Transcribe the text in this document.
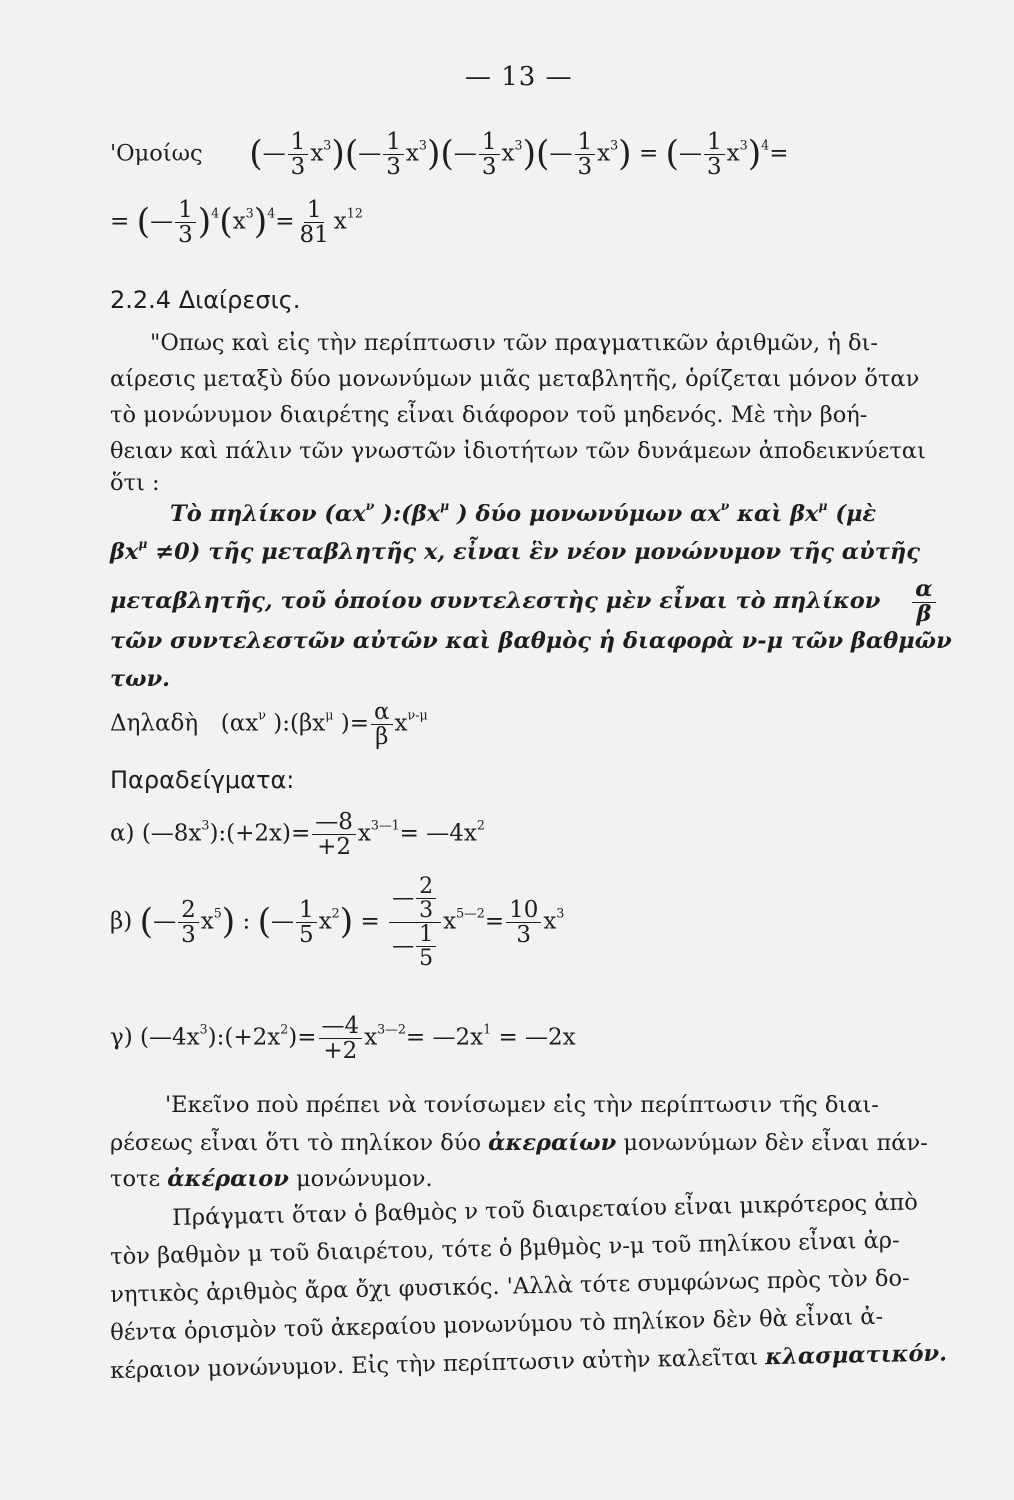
— 13 —
'Ομοίως (— $\frac{1}{3}$ $x^3)(— \frac{1}{3}$ $x^3)(— \frac{1}{3}$ $x^3)(— \frac{1}{3} x^3)$ = (— $\frac{1}{3} x^3)^4=$
= (— $\frac{1}{3} )^4(x^3)^4= \frac{1}{81} x^{12}$
2.2.4 Διαίρεσις.
"Οπως καὶ εἰς τὴν περίπτωσιν τῶν πραγματικῶν ἀριθμῶν, ἡ δι-
αίρεσις μεταξὺ δύο μονωνύμων μιᾶς μεταβλητῆς, ὁρίζεται μόνον ὅταν
τὸ μονώνυμον διαιρέτης εἶναι διάφορον τοῦ μηδενός. Μὲ τὴν βοή-
θειαν καὶ πάλιν τῶν γνωστῶν ἰδιοτήτων τῶν δυνάμεων ἀποδεικνύεται
ὅτι :
Τὸ πηλίκον ($\alpha x^\nu$ )$:(\beta x^\mu$ ) δύο μονωνύμων $\alpha x^\nu$ καὶ $\beta x^\mu$ (μὲ
$\beta x^\mu \ne 0$) τῆς μεταβλητῆς x, εἶναι ἓν νέον μονώνυμον τῆς αὐτῆς
μεταβλητῆς, τοῦ ὁποίου συντελεστὴς μὲν εἶναι τὸ πηλίκον $\frac{\alpha}{\beta}$
τῶν συντελεστῶν αὐτῶν καὶ βαθμὸς ἡ διαφορὰ ν-μ τῶν βαθμῶν
των.
Δηλαδὴ ($\alpha x^\nu$ )$:(\beta x^\mu$ )= $\frac{\alpha}{\beta} x^{\nu-\mu}$
Παραδείγματα:
α) $(—8x^3):(+2x)= \frac{—8}{+2} x^{3—1}=$ $—4x^2$
β) (— $\frac{2}{3} x^5$) : (— $\frac{1}{5} x^2) = \frac{— \frac{2}{3}}{— \frac{1}{5}} x^{5—2}= \frac{10}{3} x^3$
γ) $(—4x^3):(+2x^2)= \frac{—4}{+2} x^{3—2}=$ $—2x^1$ = —2x
'Εκεῖνο ποὺ πρέπει νὰ τονίσωμεν εἰς τὴν περίπτωσιν τῆς διαι-
ρέσεως εἶναι ὅτι τὸ πηλίκον δύο ἀκεραίων μονωνύμων δὲν εἶναι πάν-
τοτε ἀκέραιον μονώνυμον.
Πράγματι ὅταν ὁ βαθμὸς ν τοῦ διαιρεταίου εἶναι μικρότερος ἀπὸ
τὸν βαθμὸν μ τοῦ διαιρέτου, τότε ὁ βμθμὸς ν-μ τοῦ πηλίκου εἶναι ἀρ-
νητικὸς ἀριθμὸς ἄρα ὄχι φυσικός. 'Αλλὰ τότε συμφώνως πρὸς τὸν δο-
θέντα ὁρισμὸν τοῦ ἀκεραίου μονωνύμου τὸ πηλίκον δὲν θὰ εἶναι ἀ-
κέραιον μονώνυμον. Εἰς τὴν περίπτωσιν αὐτὴν καλεῖται κλασματικόν.
